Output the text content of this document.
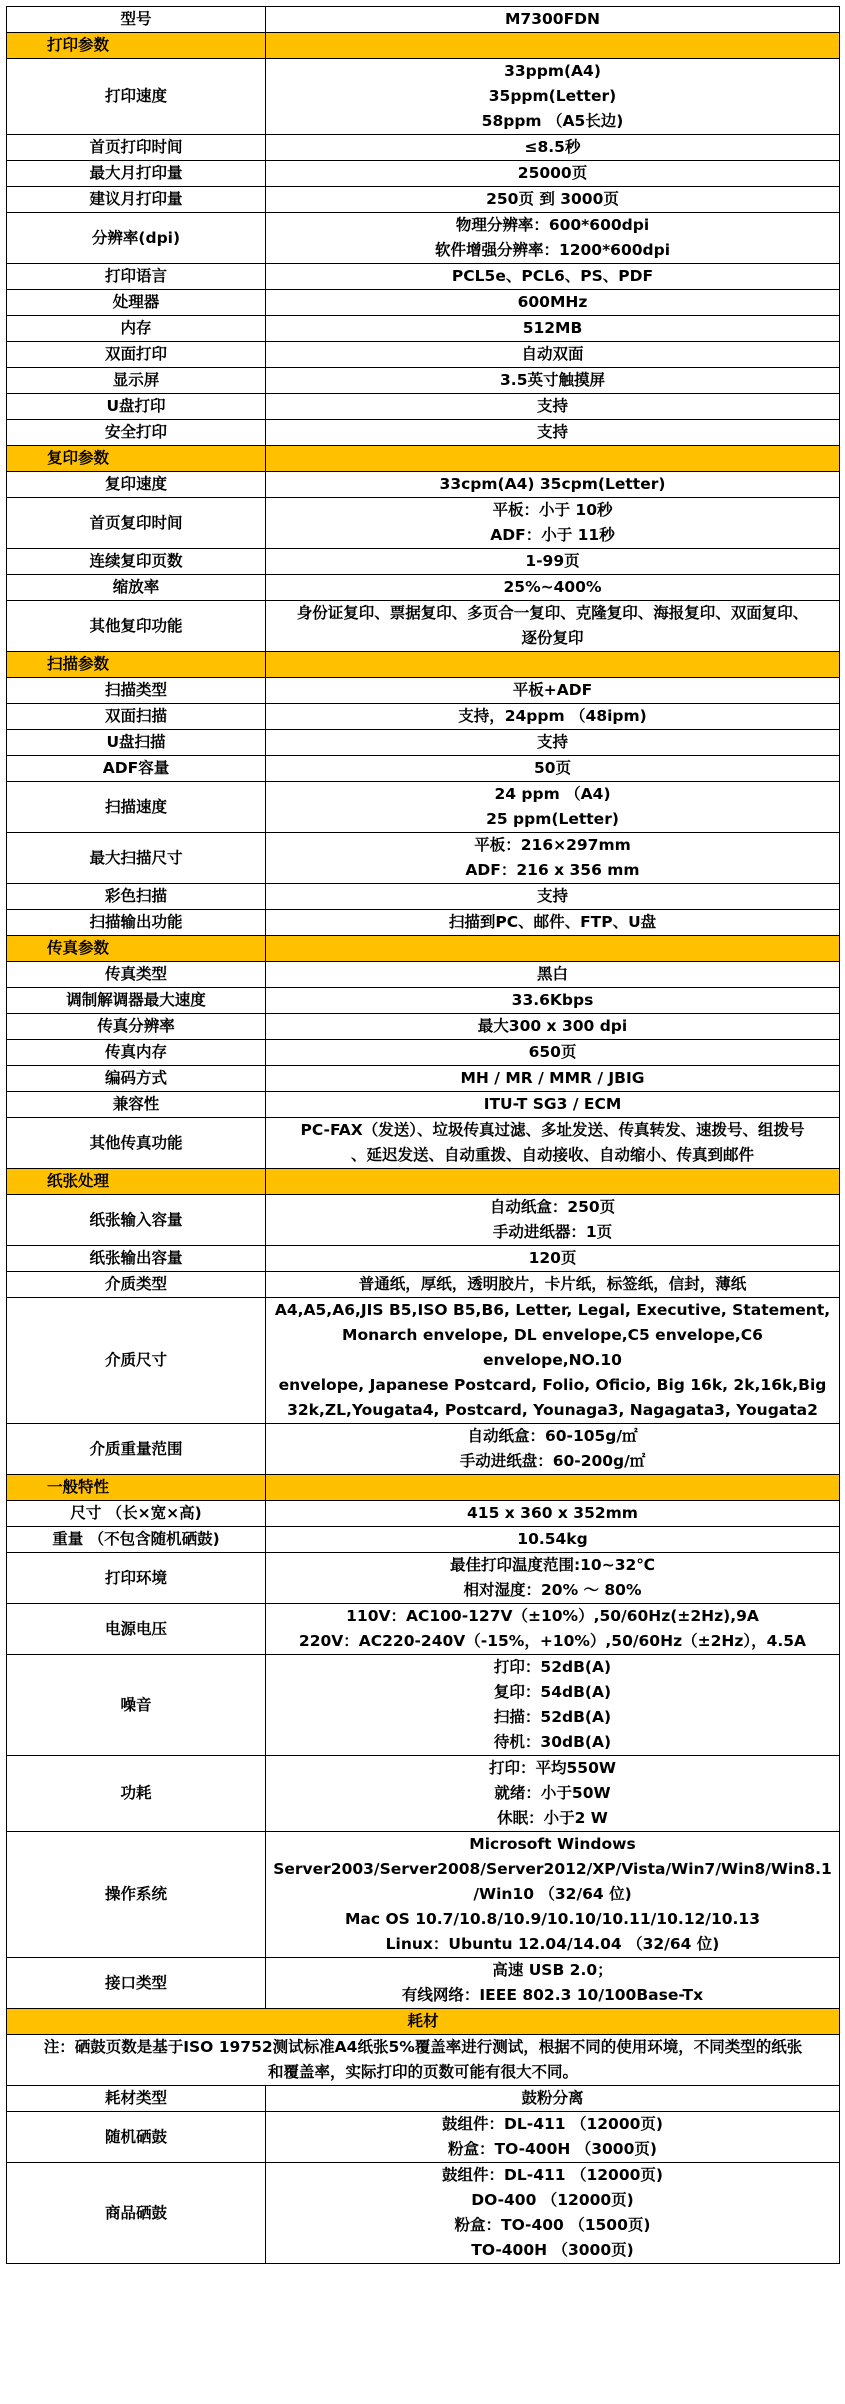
型号	M7300FDN
打印参数	
打印速度	33ppm(A4)
35ppm(Letter)
58ppm （A5长边)
首页打印时间	≤8.5秒
最大月打印量	25000页
建议月打印量	250页 到 3000页
分辨率(dpi)	物理分辨率：600*600dpi
软件增强分辨率：1200*600dpi
打印语言	PCL5e、PCL6、PS、PDF
处理器	600MHz
内存	512MB
双面打印	自动双面
显示屏	3.5英寸触摸屏
U盘打印	支持
安全打印	支持
复印参数	
复印速度	33cpm(A4) 35cpm(Letter)
首页复印时间	平板：小于 10秒
ADF：小于 11秒
连续复印页数	1-99页
缩放率	25%~400%
其他复印功能	身份证复印、票据复印、多页合一复印、克隆复印、海报复印、双面复印、
逐份复印
扫描参数	
扫描类型	平板+ADF
双面扫描	支持，24ppm （48ipm)
U盘扫描	支持
ADF容量	50页
扫描速度	24 ppm （A4)
25 ppm(Letter)
最大扫描尺寸	平板：216×297mm
ADF：216 x 356 mm
彩色扫描	支持
扫描输出功能	扫描到PC、邮件、FTP、U盘
传真参数	
传真类型	黑白
调制解调器最大速度	33.6Kbps
传真分辨率	最大300 x 300 dpi
传真内存	650页
编码方式	MH / MR / MMR / JBIG
兼容性	ITU-T SG3 / ECM
其他传真功能	PC-FAX（发送）、垃圾传真过滤、多址发送、传真转发、速拨号、组拨号
、延迟发送、自动重拨、自动接收、自动缩小、传真到邮件
纸张处理	
纸张输入容量	自动纸盒：250页
手动进纸器：1页
纸张输出容量	120页
介质类型	普通纸，厚纸，透明胶片，卡片纸，标签纸，信封，薄纸
介质尺寸	A4,A5,A6,JIS B5,ISO B5,B6, Letter, Legal, Executive, Statement,
Monarch envelope, DL envelope,C5 envelope,C6 envelope,NO.10
envelope, Japanese Postcard, Folio, Oficio, Big 16k, 2k,16k,Big
32k,ZL,Yougata4, Postcard, Younaga3, Nagagata3, Yougata2
介质重量范围	自动纸盒：60-105g/㎡
手动进纸盘：60-200g/㎡
一般特性	
尺寸 （长×宽×高)	415 x 360 x 352mm
重量 （不包含随机硒鼓)	10.54kg
打印环境	最佳打印温度范围:10~32℃
相对湿度：20% ～ 80%
电源电压	110V：AC100-127V（±10%）,50/60Hz(±2Hz),9A
220V：AC220-240V（-15%，+10%）,50/60Hz（±2Hz），4.5A
噪音	打印：52dB(A)
复印：54dB(A)
扫描：52dB(A)
待机：30dB(A)
功耗	打印：平均550W
就绪：小于50W
休眠：小于2 W
操作系统	Microsoft Windows
Server2003/Server2008/Server2012/XP/Vista/Win7/Win8/Win8.1
/Win10 （32/64 位)
Mac OS 10.7/10.8/10.9/10.10/10.11/10.12/10.13
Linux：Ubuntu 12.04/14.04 （32/64 位)
接口类型	高速 USB 2.0；
有线网络：IEEE 802.3 10/100Base-Tx
耗材	
注：硒鼓页数是基于ISO 19752测试标准A4纸张5%覆盖率进行测试，根据不同的使用环境，不同类型的纸张
和覆盖率，实际打印的页数可能有很大不同。	
耗材类型	鼓粉分离
随机硒鼓	鼓组件：DL-411 （12000页)
粉盒：TO-400H （3000页)
商品硒鼓	鼓组件：DL-411 （12000页)
DO-400 （12000页)
粉盒：TO-400 （1500页)
TO-400H （3000页)
